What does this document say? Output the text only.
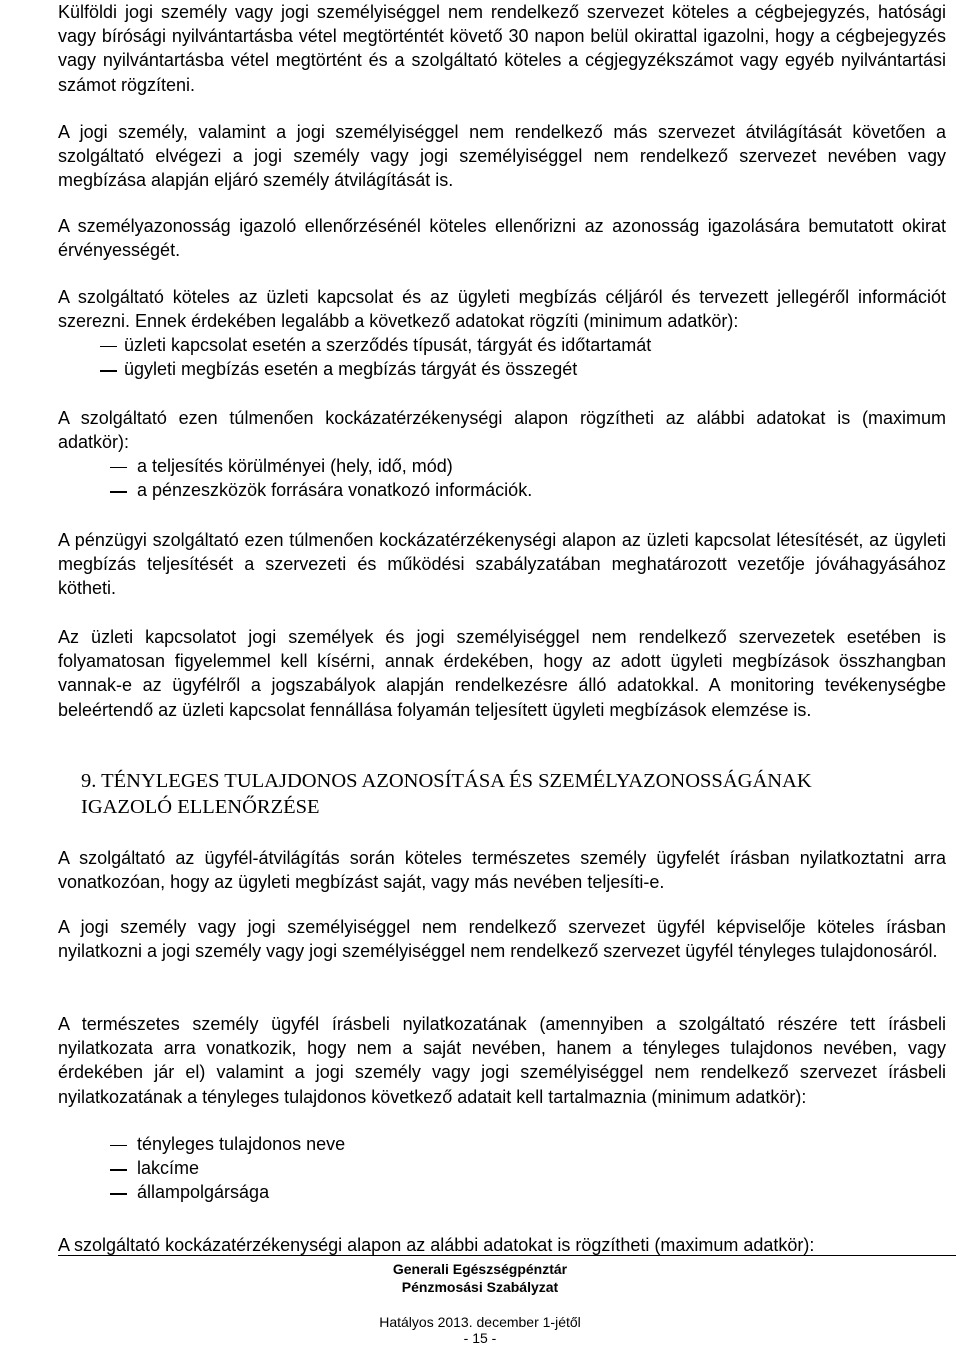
Külföldi jogi személy vagy jogi személyiséggel nem rendelkező szervezet köteles a cégbejegyzés, hatósági vagy bírósági nyilvántartásba vétel megtörténtét követő 30 napon belül okirattal igazolni, hogy a cégbejegyzés vagy nyilvántartásba vétel megtörtént és a szolgáltató köteles a cégjegyzékszámot vagy egyéb nyilvántartási számot rögzíteni.

A jogi személy, valamint a jogi személyiséggel nem rendelkező más szervezet átvilágítását követően a szolgáltató elvégezi a jogi személy vagy jogi személyiséggel nem rendelkező szervezet nevében vagy megbízása alapján eljáró személy átvilágítását is.

A személyazonosság igazoló ellenőrzésénél köteles ellenőrizni az azonosság igazolására bemutatott okirat érvényességét.

A szolgáltató köteles az üzleti kapcsolat és az ügyleti megbízás céljáról és tervezett jellegéről információt szerezni. Ennek érdekében legalább a következő adatokat rögzíti (minimum adatkör):

üzleti kapcsolat esetén a szerződés típusát, tárgyát és időtartamát
ügyleti megbízás esetén a megbízás tárgyát és összegét

A szolgáltató ezen túlmenően kockázatérzékenységi alapon rögzítheti az alábbi adatokat is (maximum adatkör):

a teljesítés körülményei (hely, idő, mód)
a pénzeszközök forrására vonatkozó információk.

A pénzügyi szolgáltató ezen túlmenően kockázatérzékenységi alapon az üzleti kapcsolat létesítését, az ügyleti megbízás teljesítését a szervezeti és működési szabályzatában meghatározott vezetője jóváhagyásához kötheti.

Az üzleti kapcsolatot jogi személyek és jogi személyiséggel nem rendelkező szervezetek esetében is folyamatosan figyelemmel kell kísérni, annak érdekében, hogy az adott ügyleti megbízások összhangban vannak-e az ügyfélről a jogszabályok alapján rendelkezésre álló adatokkal. A monitoring tevékenységbe beleértendő az üzleti kapcsolat fennállása folyamán teljesített ügyleti megbízások elemzése is.

A szolgáltató az ügyfél-átvilágítás során köteles természetes személy ügyfelét írásban nyilatkoztatni arra vonatkozóan, hogy az ügyleti megbízást saját, vagy más nevében teljesíti-e.

A jogi személy vagy jogi személyiséggel nem rendelkező szervezet ügyfél képviselője köteles írásban nyilatkozni a jogi személy vagy jogi személyiséggel nem rendelkező szervezet ügyfél tényleges tulajdonosáról.

A természetes személy ügyfél írásbeli nyilatkozatának (amennyiben a szolgáltató részére tett írásbeli nyilatkozata arra vonatkozik, hogy nem a saját nevében, hanem a tényleges tulajdonos nevében, vagy érdekében jár el) valamint a jogi személy vagy jogi személyiséggel nem rendelkező szervezet írásbeli nyilatkozatának a tényleges tulajdonos következő adatait kell tartalmaznia (minimum adatkör):

tényleges tulajdonos neve
lakcíme
állampolgársága

A szolgáltató kockázatérzékenységi alapon az alábbi adatokat is rögzítheti (maximum adatkör):

9. TÉNYLEGES TULAJDONOS AZONOSÍTÁSA ÉS SZEMÉLYAZONOSSÁGÁNAK
IGAZOLÓ ELLENŐRZÉSE
Generali Egészségpénztár
Pénzmosási Szabályzat
Hatályos 2013. december 1-jétől
- 15 -
